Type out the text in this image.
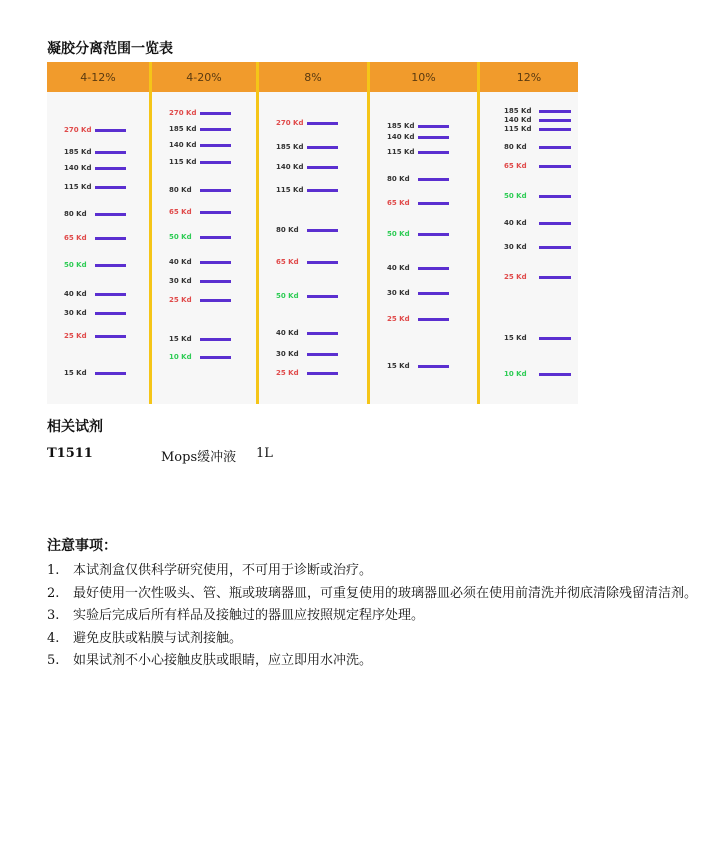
凝胶分离范围一览表
4-12%
270 Kd
185 Kd
140 Kd
115 Kd
80 Kd
65 Kd
50 Kd
40 Kd
30 Kd
25 Kd
15 Kd
4-20%
270 Kd
185 Kd
140 Kd
115 Kd
80 Kd
65 Kd
50 Kd
40 Kd
30 Kd
25 Kd
15 Kd
10 Kd
8%
270 Kd
185 Kd
140 Kd
115 Kd
80 Kd
65 Kd
50 Kd
40 Kd
30 Kd
25 Kd
10%
185 Kd
140 Kd
115 Kd
80 Kd
65 Kd
50 Kd
40 Kd
30 Kd
25 Kd
15 Kd
12%
185 Kd
140 Kd
115 Kd
80 Kd
65 Kd
50 Kd
40 Kd
30 Kd
25 Kd
15 Kd
10 Kd
相关试剂
T1511	Mops缓冲液 1L
注意事项：
1.	本试剂盒仅供科学研究使用，不可用于诊断或治疗。
2.	最好使用一次性吸头、管、瓶或玻璃器皿，可重复使用的玻璃器皿必须在使用前清洗并彻底清除残留清洁剂。
3.	实验后完成后所有样品及接触过的器皿应按照规定程序处理。
4.	避免皮肤或粘膜与试剂接触。
5.	如果试剂不小心接触皮肤或眼睛，应立即用水冲洗。
